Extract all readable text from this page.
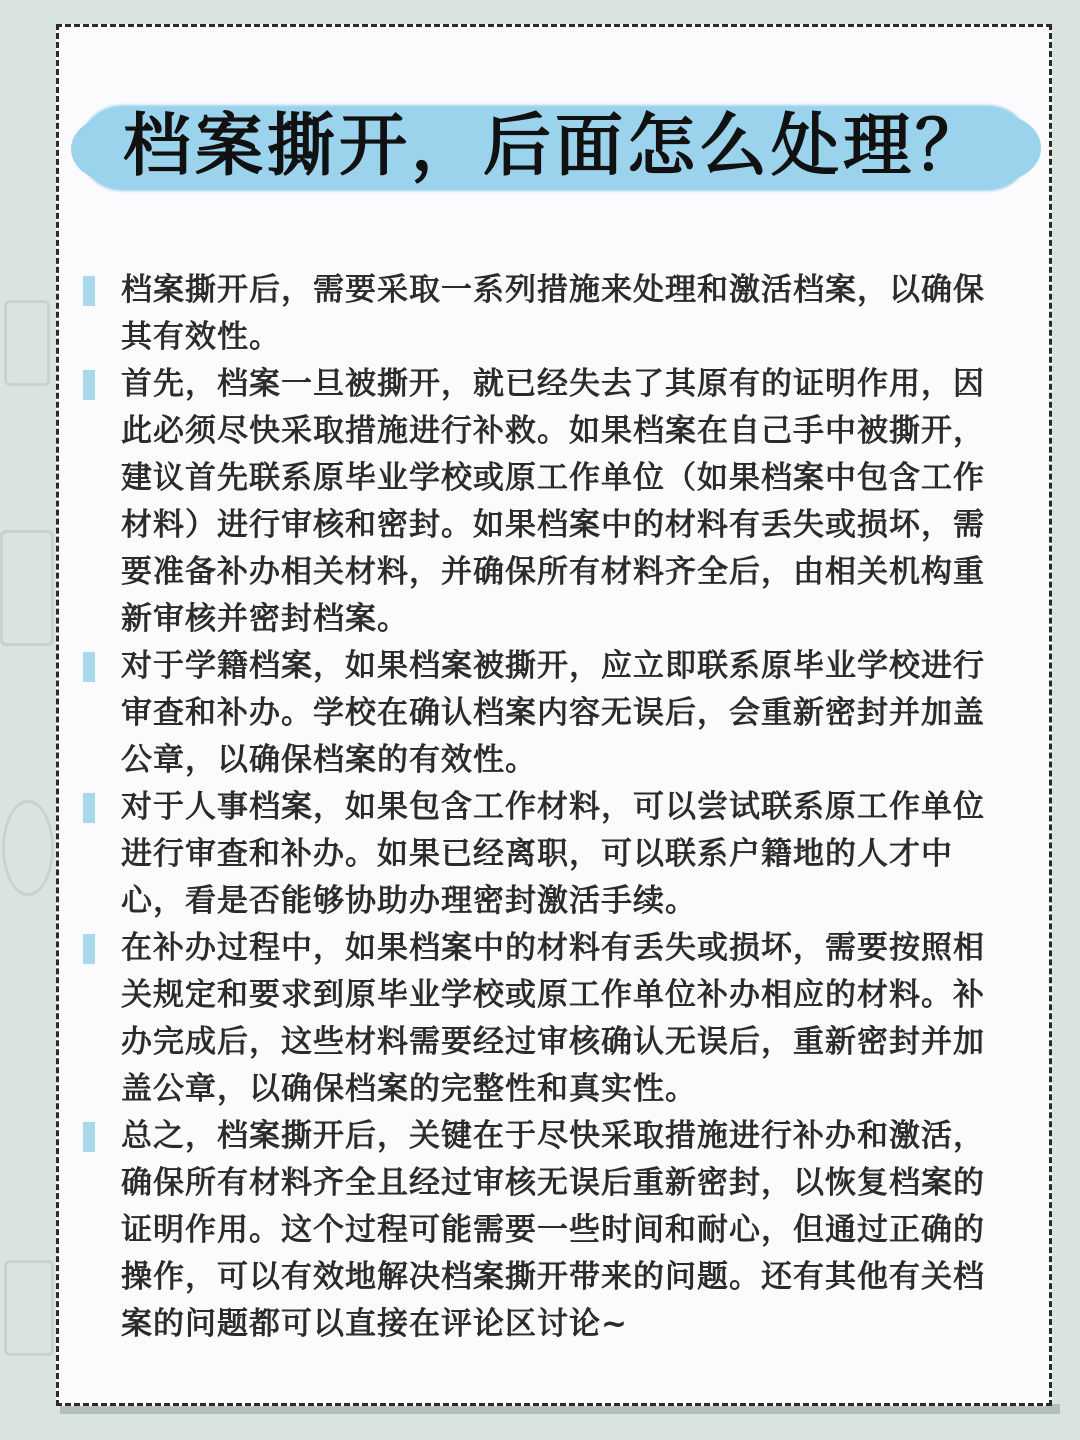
档案撕开，后面怎么处理？
档案撕开后，需要采取一系列措施来处理和激活档案，以确保其有效性。
首先，档案一旦被撕开，就已经失去了其原有的证明作用，因此必须尽快采取措施进行补救。如果档案在自己手中被撕开，建议首先联系原毕业学校或原工作单位（如果档案中包含工作材料）进行审核和密封。如果档案中的材料有丢失或损坏，需要准备补办相关材料，并确保所有材料齐全后，由相关机构重新审核并密封档案。
对于学籍档案，如果档案被撕开，应立即联系原毕业学校进行审查和补办。学校在确认档案内容无误后，会重新密封并加盖公章，以确保档案的有效性。
对于人事档案，如果包含工作材料，可以尝试联系原工作单位进行审查和补办。如果已经离职，可以联系户籍地的人才中心，看是否能够协助办理密封激活手续。
在补办过程中，如果档案中的材料有丢失或损坏，需要按照相关规定和要求到原毕业学校或原工作单位补办相应的材料。补办完成后，这些材料需要经过审核确认无误后，重新密封并加盖公章，以确保档案的完整性和真实性。
总之，档案撕开后，关键在于尽快采取措施进行补办和激活，确保所有材料齐全且经过审核无误后重新密封，以恢复档案的证明作用。这个过程可能需要一些时间和耐心，但通过正确的操作，可以有效地解决档案撕开带来的问题。还有其他有关档案的问题都可以直接在评论区讨论~
